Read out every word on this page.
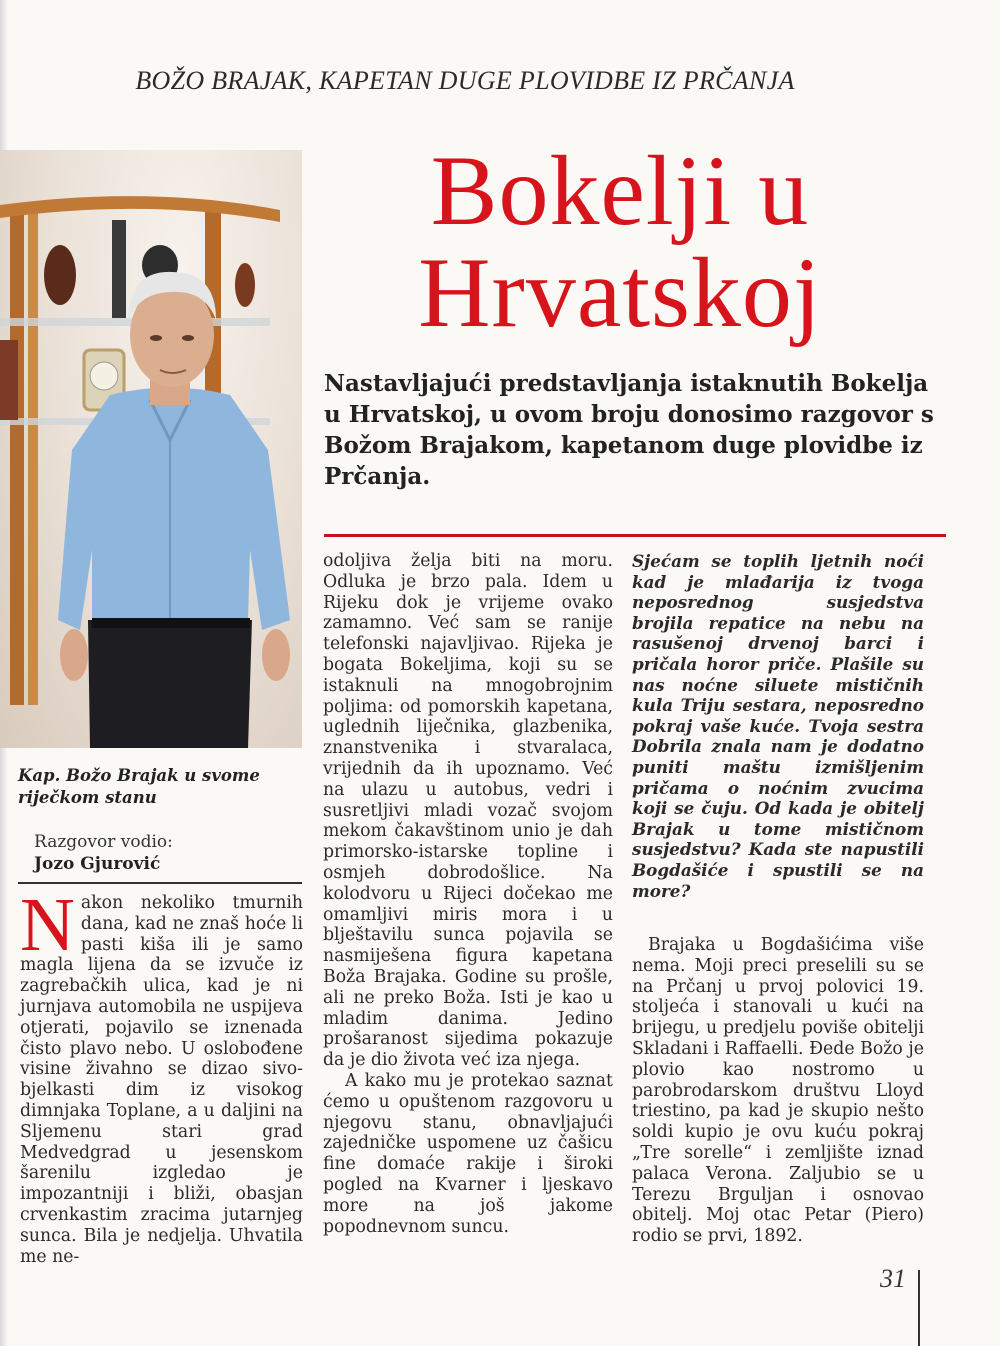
BOŽO BRAJAK, KAPETAN DUGE PLOVIDBE IZ PRČANJA
Bokelji u
Hrvatskoj
Nastavljajući predstavljanja istaknutih Bokelja u Hrvatskoj, u ovom broju donosimo razgovor s Božom Brajakom, kapetanom duge plovidbe iz Prčanja.
Kap. Božo Brajak u svome riječkom stanu
Razgovor vodio:
Jozo Gjurović

Nakon nekoliko tmurnih dana, kad ne znaš hoće li pasti kiša ili je samo magla lijena da se izvuče iz zagrebačkih ulica, kad je ni jurnjava automobila ne uspijeva otjerati, pojavilo se iznenada čisto plavo nebo. U oslobođene visine živahno se dizao sivo-bjelkasti dim iz visokog dimnjaka Toplane, a u daljini na Sljemenu stari grad Medvedgrad u jesenskom šarenilu izgledao je impozantniji i bliži, obasjan crvenkastim zracima jutarnjeg sunca. Bila je nedjelja. Uhvatila me ne-

odoljiva želja biti na moru. Odluka je brzo pala. Idem u Rijeku dok je vrijeme ovako zamamno. Već sam se ranije telefonski najavljivao. Rijeka je bogata Bokeljima, koji su se istaknuli na mnogobrojnim poljima: od pomorskih kapetana, uglednih liječnika, glazbenika, znanstvenika i stvaralaca, vrijednih da ih upoznamo. Već na ulazu u autobus, vedri i susretljivi mladi vozač svojom mekom čakavštinom unio je dah primorsko-istarske topline i osmjeh dobrodošlice. Na kolodvoru u Rijeci dočekao me omamljivi miris mora i u blještavilu sunca pojavila se nasmiješena figura kapetana Boža Brajaka. Godine su prošle, ali ne preko Boža. Isti je kao u mladim danima. Jedino prošaranost sijedima pokazuje da je dio života već iza njega.

A kako mu je protekao saznat ćemo u opuštenom razgovoru u njegovu stanu, obnavljajući zajedničke uspomene uz čašicu fine domaće rakije i široki pogled na Kvarner i ljeskavo more na još jakome popodnevnom suncu.

Sjećam se toplih ljetnih noći kad je mlađarija iz tvoga neposrednog susjedstva brojila repatice na nebu na rasušenoj drvenoj barci i pričala horor priče. Plašile su nas noćne siluete mističnih kula Triju sestara, neposredno pokraj vaše kuće. Tvoja sestra Dobrila znala nam je dodatno puniti maštu izmišljenim pričama o noćnim zvucima koji se čuju. Od kada je obitelj Brajak u tome mističnom susjedstvu? Kada ste napustili Bogdašiće i spustili se na more?

Brajaka u Bogdašićima više nema. Moji preci preselili su se na Prčanj u prvoj polovici 19. stoljeća i stanovali u kući na brijegu, u predjelu poviše obitelji Skladani i Raffaelli. Đede Božo je plovio kao nostromo u parobrodarskom društvu Lloyd triestino, pa kad je skupio nešto soldi kupio je ovu kuću pokraj „Tre sorelle“ i zemljište iznad palaca Verona. Zaljubio se u Terezu Brguljan i osnovao obitelj. Moj otac Petar (Piero) rodio se prvi, 1892.

31
